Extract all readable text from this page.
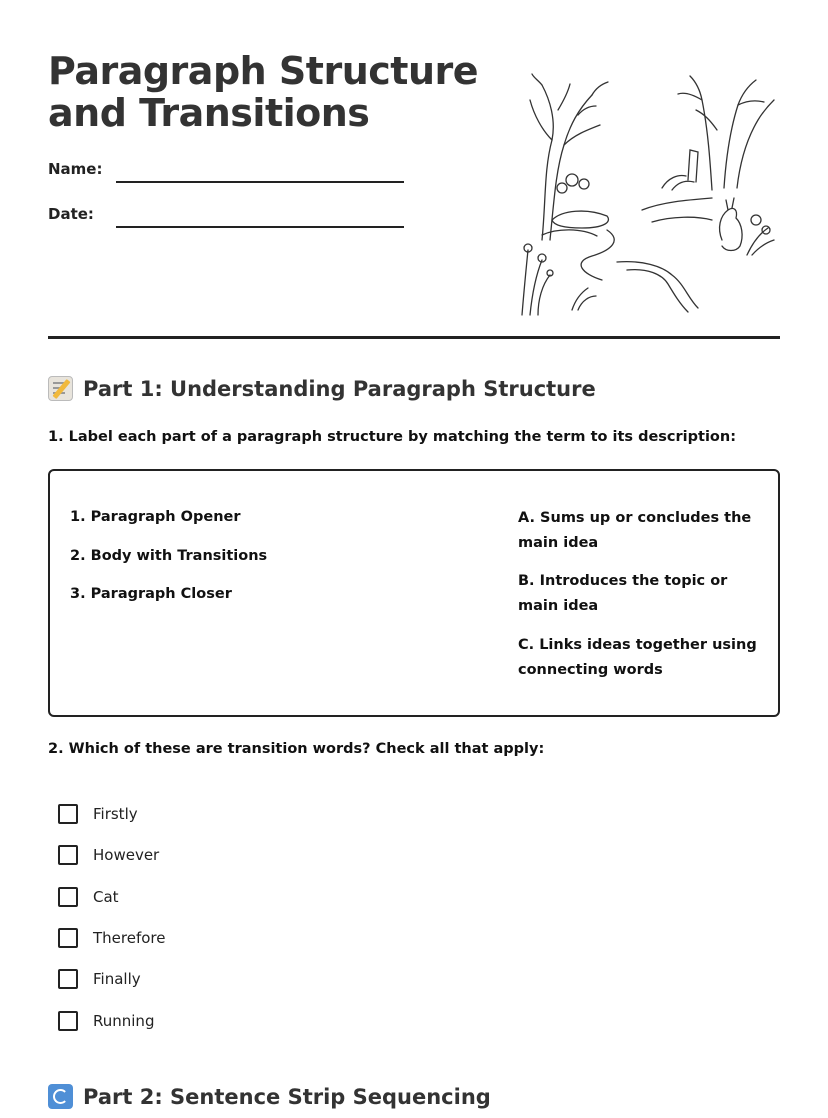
Paragraph Structure and Transitions
Name:
Date:
Part 1: Understanding Paragraph Structure

1. Label each part of a paragraph structure by matching the term to its description:

1. Paragraph Opener
2. Body with Transitions
3. Paragraph Closer
A. Sums up or concludes the main idea
B. Introduces the topic or main idea
C. Links ideas together using connecting words

2. Which of these are transition words? Check all that apply:

Firstly
However
Cat
Therefore
Finally
Running
Part 2: Sentence Strip Sequencing
